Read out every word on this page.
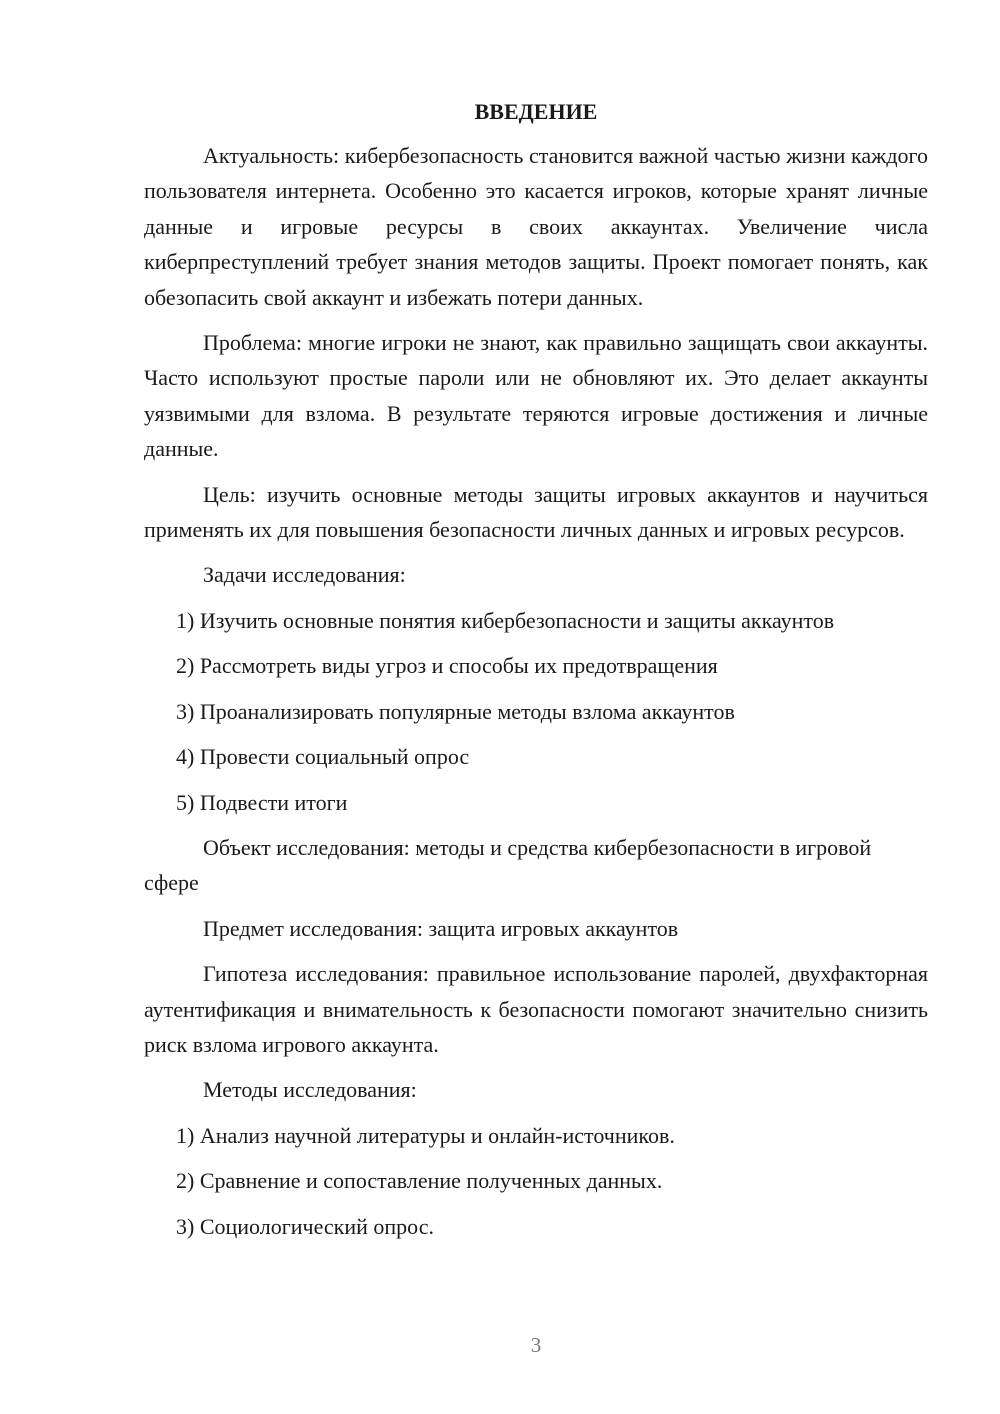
ВВЕДЕНИЕ

Актуальность: кибербезопасность становится важной частью жизни каждого пользователя интернета. Особенно это касается игроков, которые хранят личные данные и игровые ресурсы в своих аккаунтах. Увеличение числа киберпреступлений требует знания методов защиты. Проект помогает понять, как обезопасить свой аккаунт и избежать потери данных.

Проблема: многие игроки не знают, как правильно защищать свои аккаунты. Часто используют простые пароли или не обновляют их. Это делает аккаунты уязвимыми для взлома. В результате теряются игровые достижения и личные данные.

Цель: изучить основные методы защиты игровых аккаунтов и научиться применять их для повышения безопасности личных данных и игровых ресурсов.

Задачи исследования:
1) Изучить основные понятия кибербезопасности и защиты аккаунтов
2) Рассмотреть виды угроз и способы их предотвращения
3) Проанализировать популярные методы взлома аккаунтов
4) Провести социальный опрос
5) Подвести итоги

Объект исследования: методы и средства кибербезопасности в игровой сфере

Предмет исследования: защита игровых аккаунтов

Гипотеза исследования: правильное использование паролей, двухфакторная аутентификация и внимательность к безопасности помогают значительно снизить риск взлома игрового аккаунта.

Методы исследования:
1) Анализ научной литературы и онлайн-источников.
2) Сравнение и сопоставление полученных данных.
3) Социологический опрос.
3
